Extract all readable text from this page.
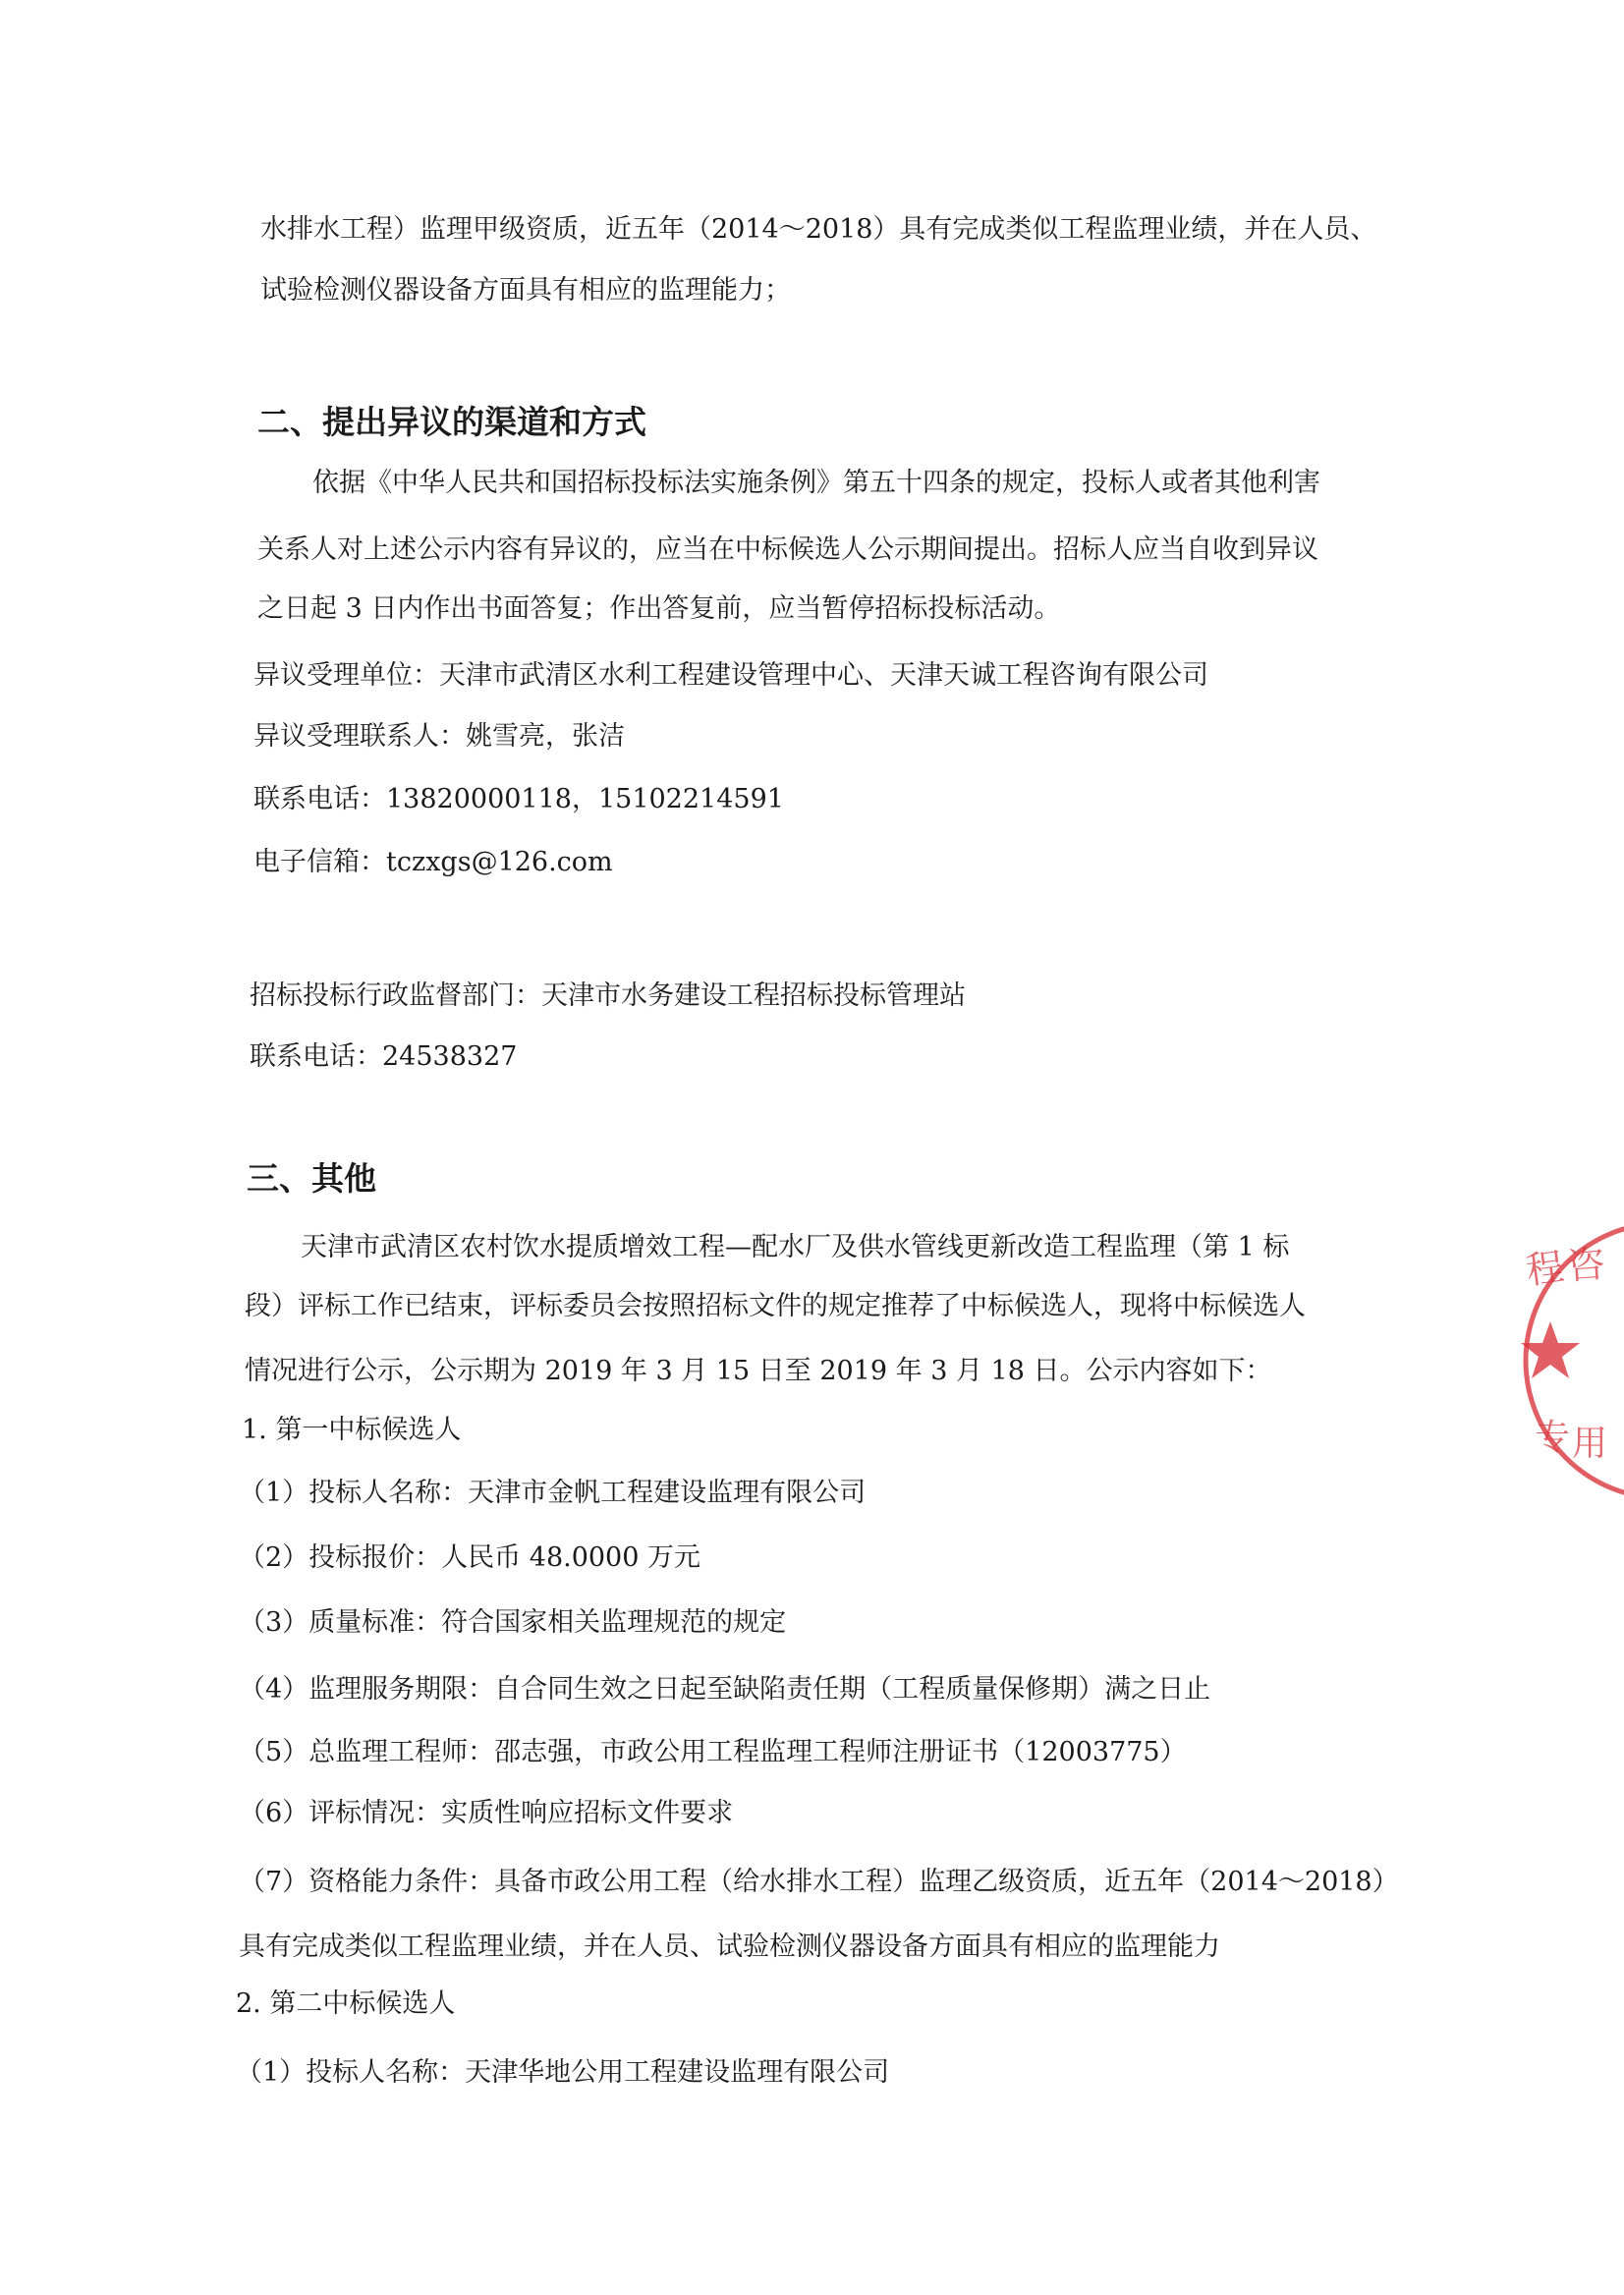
水排水工程）监理甲级资质，近五年（2014～2018）具有完成类似工程监理业绩，并在人员、
试验检测仪器设备方面具有相应的监理能力；
二、提出异议的渠道和方式
依据《中华人民共和国招标投标法实施条例》第五十四条的规定，投标人或者其他利害
关系人对上述公示内容有异议的，应当在中标候选人公示期间提出。招标人应当自收到异议
之日起 3 日内作出书面答复；作出答复前，应当暂停招标投标活动。
异议受理单位：天津市武清区水利工程建设管理中心、天津天诚工程咨询有限公司
异议受理联系人：姚雪亮，张洁
联系电话：13820000118，15102214591
电子信箱：tczxgs@126.com
招标投标行政监督部门：天津市水务建设工程招标投标管理站
联系电话：24538327
三、其他
天津市武清区农村饮水提质增效工程—配水厂及供水管线更新改造工程监理（第 1 标
段）评标工作已结束，评标委员会按照招标文件的规定推荐了中标候选人，现将中标候选人
情况进行公示，公示期为 2019 年 3 月 15 日至 2019 年 3 月 18 日。公示内容如下：
1. 第一中标候选人
（1）投标人名称：天津市金帆工程建设监理有限公司
（2）投标报价：人民币 48.0000 万元
（3）质量标准：符合国家相关监理规范的规定
（4）监理服务期限：自合同生效之日起至缺陷责任期（工程质量保修期）满之日止
（5）总监理工程师：邵志强，市政公用工程监理工程师注册证书（12003775）
（6）评标情况：实质性响应招标文件要求
（7）资格能力条件：具备市政公用工程（给水排水工程）监理乙级资质，近五年（2014～2018）
具有完成类似工程监理业绩，并在人员、试验检测仪器设备方面具有相应的监理能力
2. 第二中标候选人
（1）投标人名称：天津华地公用工程建设监理有限公司
程 咨
专 用
